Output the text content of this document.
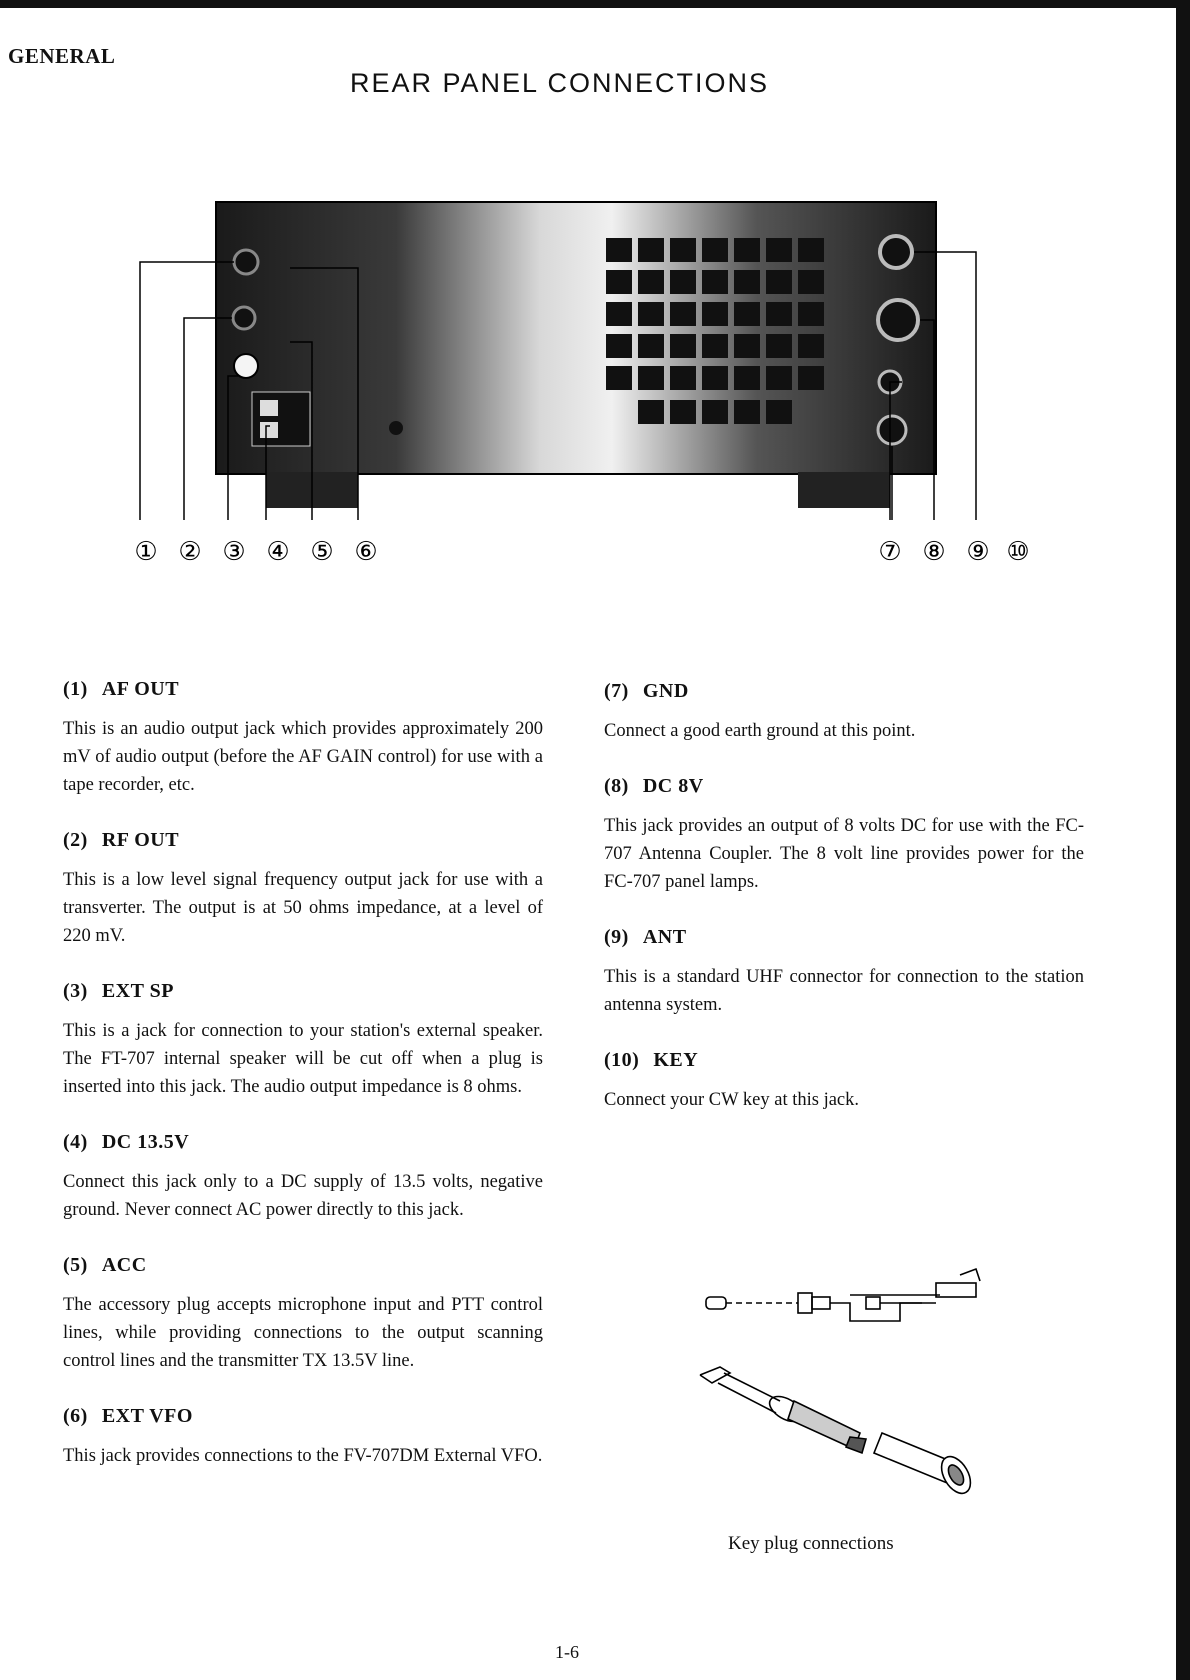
GENERAL
REAR PANEL CONNECTIONS
① ② ③ ④ ⑤ ⑥	⑦ ⑧ ⑨ ⑩
(1) AF OUT

This is an audio output jack which provides approximately 200 mV of audio output (before the AF GAIN control) for use with a tape recorder, etc.

(2) RF OUT

This is a low level signal frequency output jack for use with a transverter. The output is at 50 ohms impedance, at a level of 220 mV.

(3) EXT SP

This is a jack for connection to your station's external speaker. The FT-707 internal speaker will be cut off when a plug is inserted into this jack. The audio output impedance is 8 ohms.

(4) DC 13.5V

Connect this jack only to a DC supply of 13.5 volts, negative ground. Never connect AC power directly to this jack.

(5) ACC

The accessory plug accepts microphone input and PTT control lines, while providing connections to the output scanning control lines and the transmitter TX 13.5V line.

(6) EXT VFO

This jack provides connections to the FV-707DM External VFO.

(7) GND

Connect a good earth ground at this point.

(8) DC 8V

This jack provides an output of 8 volts DC for use with the FC-707 Antenna Coupler. The 8 volt line provides power for the FC-707 panel lamps.

(9) ANT

This is a standard UHF connector for connection to the station antenna system.

(10) KEY

Connect your CW key at this jack.

Key plug connections
1-6
